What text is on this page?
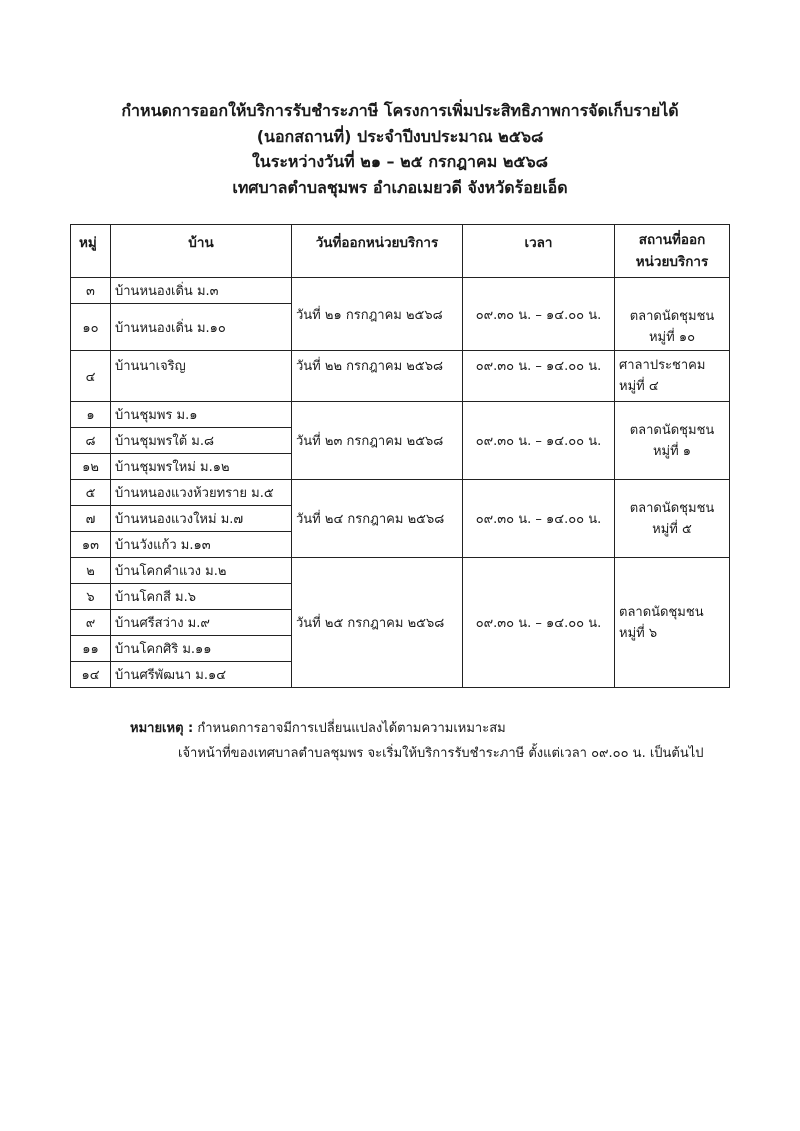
กำหนดการออกให้บริการรับชำระภาษี โครงการเพิ่มประสิทธิภาพการจัดเก็บรายได้
(นอกสถานที่) ประจำปีงบประมาณ ๒๕๖๘
ในระหว่างวันที่ ๒๑ – ๒๕ กรกฎาคม ๒๕๖๘
เทศบาลตำบลชุมพร อำเภอเมยวดี จังหวัดร้อยเอ็ด
หมู่	บ้าน	วันที่ออกหน่วยบริการ	เวลา	สถานที่ออก
หน่วยบริการ

๓	บ้านหนองเดิ่น ม.๓	วันที่ ๒๑ กรกฎาคม ๒๕๖๘	๐๙.๓๐ น. – ๑๔.๐๐ น.	ตลาดนัดชุมชน
หมู่ที่ ๑๐

๑๐	บ้านหนองเดิ่น ม.๑๐			
๔	บ้านนาเจริญ	วันที่ ๒๒ กรกฎาคม ๒๕๖๘	๐๙.๓๐ น. – ๑๔.๐๐ น.	ศาลาประชาคม
หมู่ที่ ๔

๑	บ้านชุมพร ม.๑	วันที่ ๒๓ กรกฎาคม ๒๕๖๘	๐๙.๓๐ น. – ๑๔.๐๐ น.	ตลาดนัดชุมชน
หมู่ที่ ๑

๘	บ้านชุมพรใต้ ม.๘			
๑๒	บ้านชุมพรใหม่ ม.๑๒			
๕	บ้านหนองแวงห้วยทราย ม.๕	วันที่ ๒๔ กรกฎาคม ๒๕๖๘	๐๙.๓๐ น. – ๑๔.๐๐ น.	ตลาดนัดชุมชน
หมู่ที่ ๕

๗	บ้านหนองแวงใหม่ ม.๗			
๑๓	บ้านวังแก้ว ม.๑๓			
๒	บ้านโคกคำแวง ม.๒	วันที่ ๒๕ กรกฎาคม ๒๕๖๘	๐๙.๓๐ น. – ๑๔.๐๐ น.	ตลาดนัดชุมชน
หมู่ที่ ๖

๖	บ้านโคกสี ม.๖			
๙	บ้านศรีสว่าง ม.๙			
๑๑	บ้านโคกศิริ ม.๑๑			
๑๔	บ้านศรีพัฒนา ม.๑๔			
หมายเหตุ : กำหนดการอาจมีการเปลี่ยนแปลงได้ตามความเหมาะสม
เจ้าหน้าที่ของเทศบาลตำบลชุมพร จะเริ่มให้บริการรับชำระภาษี ตั้งแต่เวลา ๐๙.๐๐ น. เป็นต้นไป
